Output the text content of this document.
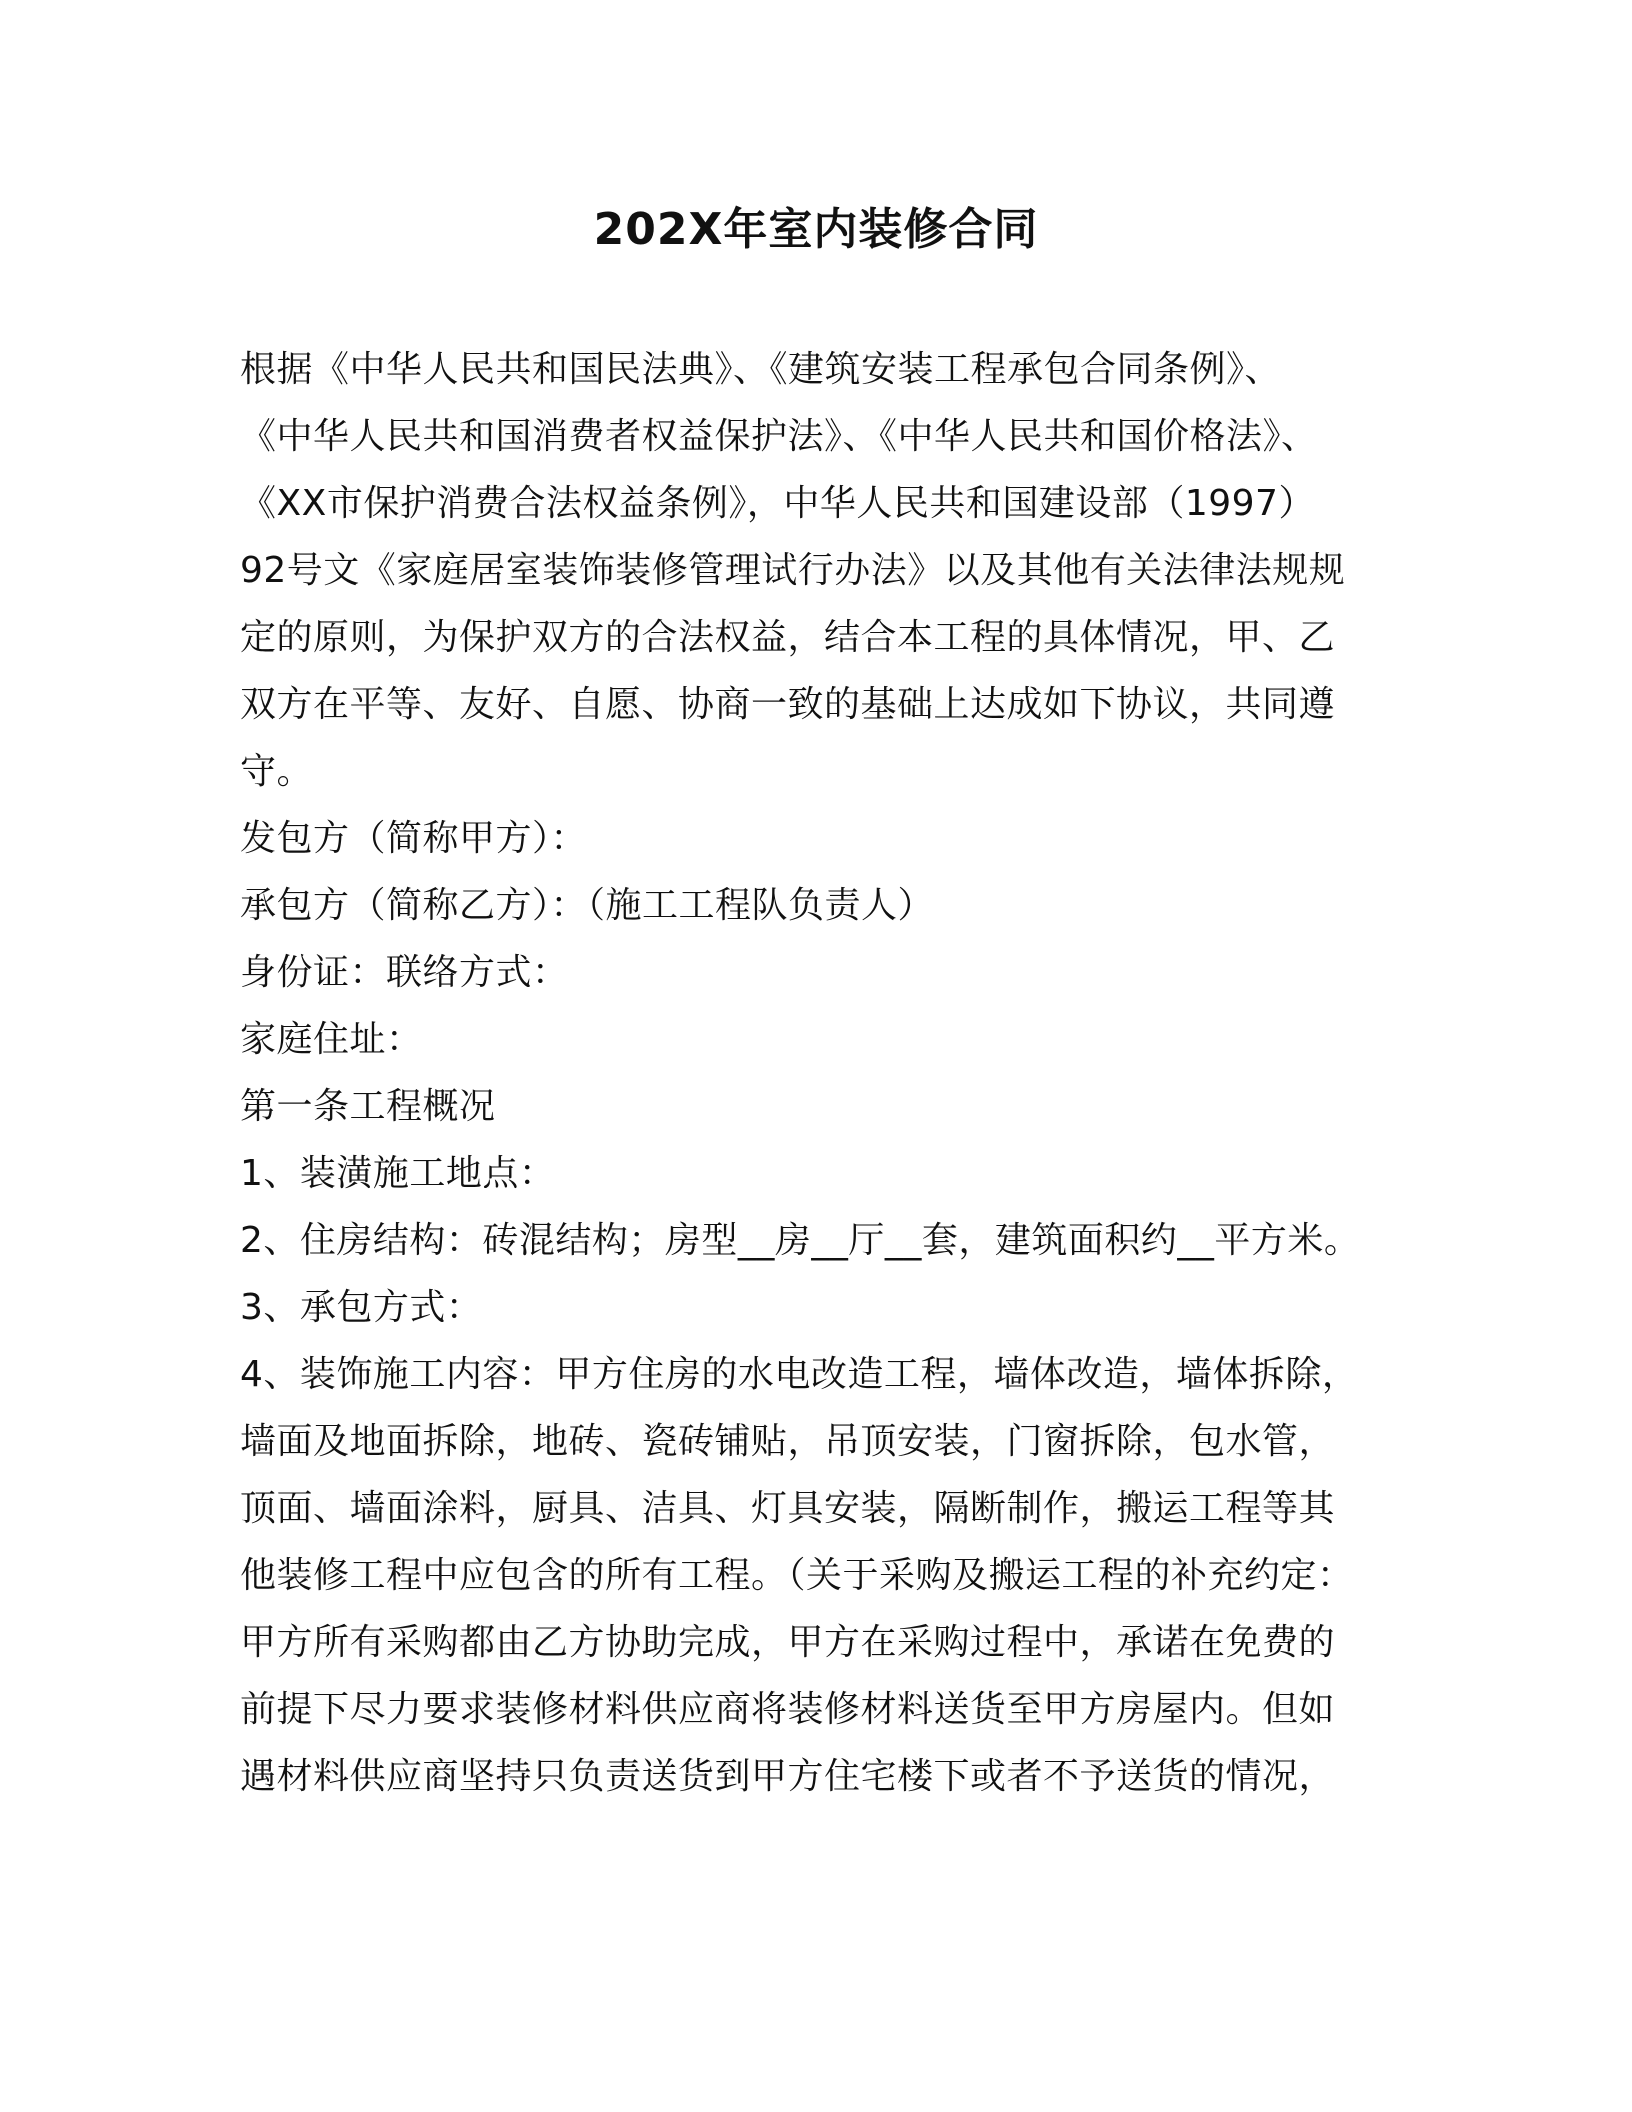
202X年室内装修合同
根据《中华人民共和国民法典》、《建筑安装工程承包合同条例》、
《中华人民共和国消费者权益保护法》、《中华人民共和国价格法》、
《XX市保护消费合法权益条例》，中华人民共和国建设部（1997）
92号文《家庭居室装饰装修管理试行办法》以及其他有关法律法规规
定的原则，为保护双方的合法权益，结合本工程的具体情况，甲、乙
双方在平等、友好、自愿、协商一致的基础上达成如下协议，共同遵
守。
发包方（简称甲方）：
承包方（简称乙方）：（施工工程队负责人）
身份证：联络方式：
家庭住址：
第一条工程概况
1、装潢施工地点：
2、住房结构：砖混结构；房型__房__厅__套，建筑面积约__平方米。
3、承包方式：
4、装饰施工内容：甲方住房的水电改造工程，墙体改造，墙体拆除，
墙面及地面拆除，地砖、瓷砖铺贴，吊顶安装，门窗拆除，包水管，
顶面、墙面涂料，厨具、洁具、灯具安装，隔断制作，搬运工程等其
他装修工程中应包含的所有工程。（关于采购及搬运工程的补充约定：
甲方所有采购都由乙方协助完成，甲方在采购过程中，承诺在免费的
前提下尽力要求装修材料供应商将装修材料送货至甲方房屋内。但如
遇材料供应商坚持只负责送货到甲方住宅楼下或者不予送货的情况，
